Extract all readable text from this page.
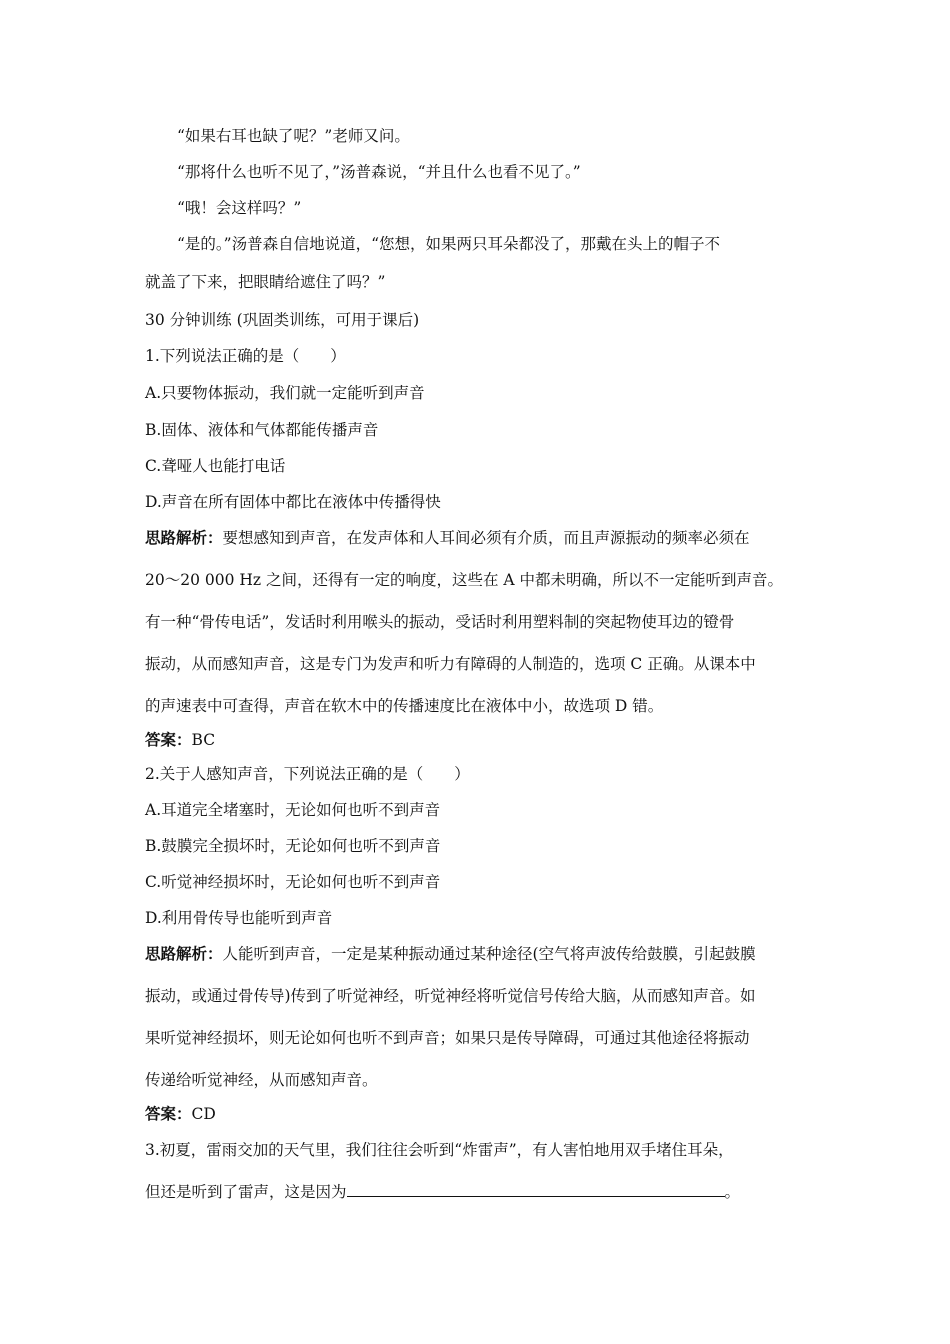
“如果右耳也缺了呢？”老师又问。

“那将什么也听不见了，”汤普森说，“并且什么也看不见了。”

“哦！会这样吗？”

“是的。”汤普森自信地说道，“您想，如果两只耳朵都没了，那戴在头上的帽子不

就盖了下来，把眼睛给遮住了吗？”

30 分钟训练 (巩固类训练，可用于课后)

1.下列说法正确的是（　　）

A.只要物体振动，我们就一定能听到声音

B.固体、液体和气体都能传播声音

C.聋哑人也能打电话

D.声音在所有固体中都比在液体中传播得快

思路解析：要想感知到声音，在发声体和人耳间必须有介质，而且声源振动的频率必须在

20～20 000 Hz 之间，还得有一定的响度，这些在 A 中都未明确，所以不一定能听到声音。

有一种“骨传电话”，发话时利用喉头的振动，受话时利用塑料制的突起物使耳边的镫骨

振动，从而感知声音，这是专门为发声和听力有障碍的人制造的，选项 C 正确。从课本中

的声速表中可查得，声音在软木中的传播速度比在液体中小，故选项 D 错。

答案：BC

2.关于人感知声音，下列说法正确的是（　　）

A.耳道完全堵塞时，无论如何也听不到声音

B.鼓膜完全损坏时，无论如何也听不到声音

C.听觉神经损坏时，无论如何也听不到声音

D.利用骨传导也能听到声音

思路解析：人能听到声音，一定是某种振动通过某种途径(空气将声波传给鼓膜，引起鼓膜

振动，或通过骨传导)传到了听觉神经，听觉神经将听觉信号传给大脑，从而感知声音。如

果听觉神经损坏，则无论如何也听不到声音；如果只是传导障碍，可通过其他途径将振动

传递给听觉神经，从而感知声音。

答案：CD

3.初夏，雷雨交加的天气里，我们往往会听到“炸雷声”，有人害怕地用双手堵住耳朵，

但还是听到了雷声，这是因为	。
